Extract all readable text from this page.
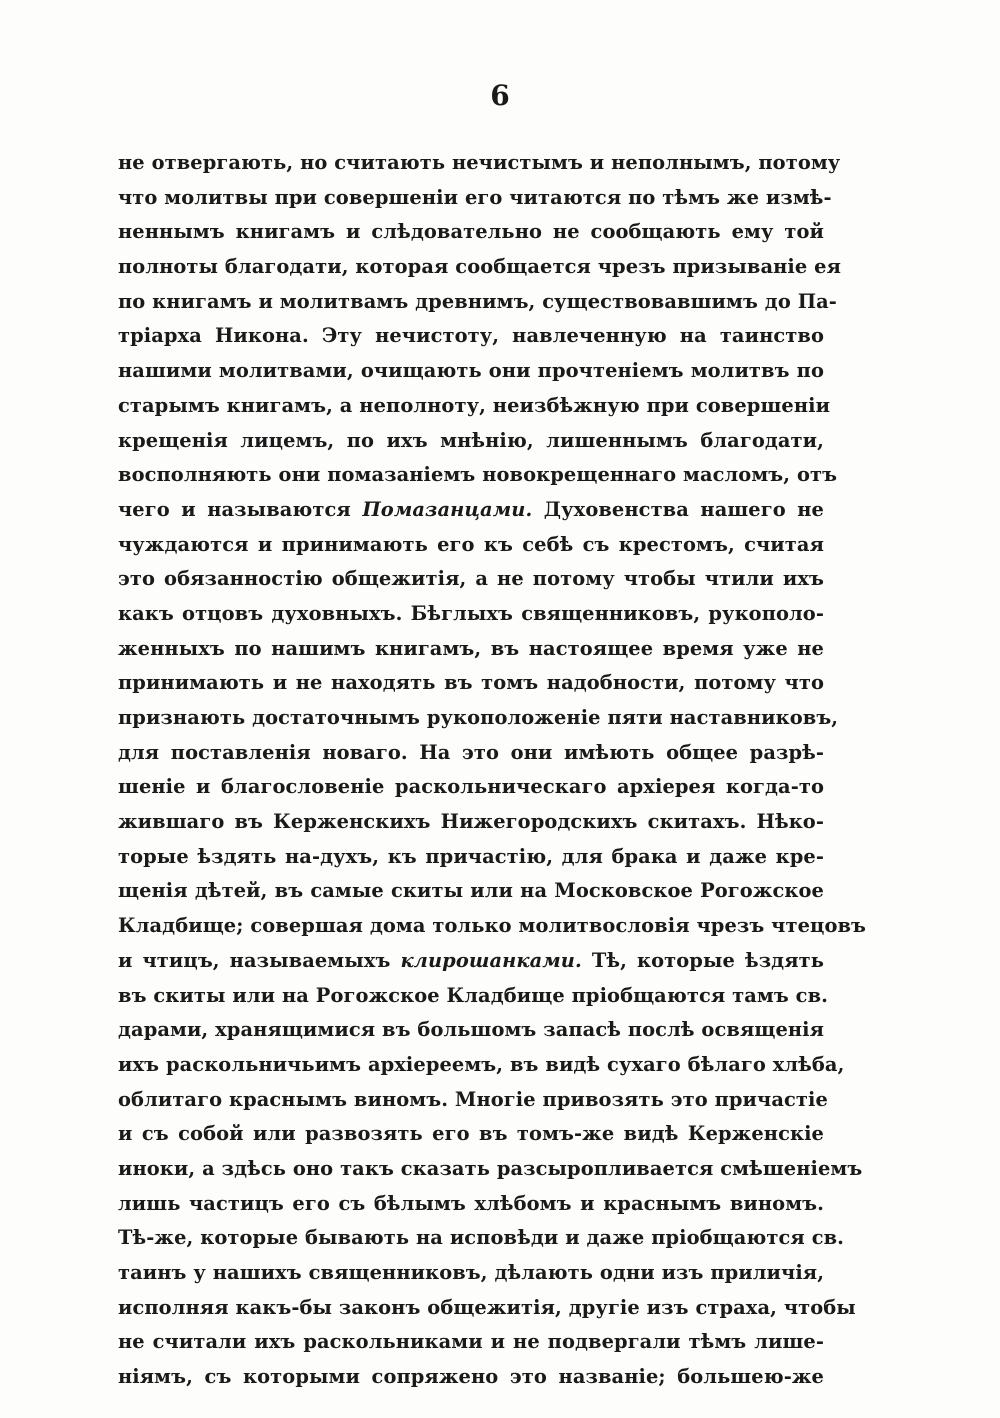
6
не отвергають, но считають нечистымъ и неполнымъ, потому
что молитвы при совершеніи его читаются по тѣмъ же измѣ-
неннымъ книгамъ и слѣдовательно не сообщають ему той
полноты благодати, которая сообщается чрезъ призываніе ея
по книгамъ и молитвамъ древнимъ, существовавшимъ до Па-
тріарха Никона. Эту нечистоту, навлеченную на таинство
нашими молитвами, очищають они прочтеніемъ молитвъ по
старымъ книгамъ, а неполноту, неизбѣжную при совершеніи
крещенія лицемъ, по ихъ мнѣнію, лишеннымъ благодати,
восполняють они помазаніемъ новокрещеннаго масломъ, отъ
чего и называются Помазанцами. Духовенства нашего не
чуждаются и принимають его къ себѣ съ крестомъ, считая
это обязанностію общежитія, а не потому чтобы чтили ихъ
какъ отцовъ духовныхъ. Бѣглыхъ священниковъ, рукополо-
женныхъ по нашимъ книгамъ, въ настоящее время уже не
принимають и не находять въ томъ надобности, потому что
признають достаточнымъ рукоположеніе пяти наставниковъ,
для поставленія новаго. На это они имѣють общее разрѣ-
шеніе и благословеніе раскольническаго архіерея когда-то
жившаго въ Керженскихъ Нижегородскихъ скитахъ. Нѣко-
торые ѣздять на-духъ, къ причастію, для брака и даже кре-
щенія дѣтей, въ самые скиты или на Московское Рогожское
Кладбище; совершая дома только молитвословія чрезъ чтецовъ
и чтицъ, называемыхъ клирошанками. Тѣ, которые ѣздять
въ скиты или на Рогожское Кладбище пріобщаются тамъ св.
дарами, хранящимися въ большомъ запасѣ послѣ освященія
ихъ раскольничьимъ архіереемъ, въ видѣ сухаго бѣлаго хлѣба,
облитаго краснымъ виномъ. Многіе привозять это причастіе
и съ собой или развозять его въ томъ-же видѣ Керженскіе
иноки, а здѣсь оно такъ сказать разсыропливается смѣшеніемъ
лишь частицъ его съ бѣлымъ хлѣбомъ и краснымъ виномъ.
Тѣ-же, которые бывають на исповѣди и даже пріобщаются св.
таинъ у нашихъ священниковъ, дѣлають одни изъ приличія,
исполняя какъ-бы законъ общежитія, другіе изъ страха, чтобы
не считали ихъ раскольниками и не подвергали тѣмъ лише-
ніямъ, съ которыми сопряжено это названіе; большею-же
